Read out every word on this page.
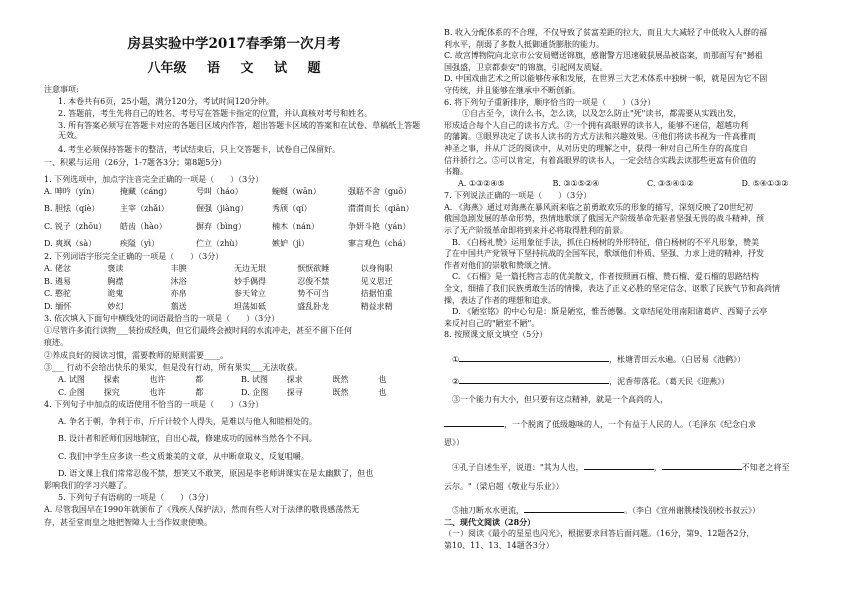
房县实验中学2017春季第一次月考
八年级 语 文 试 题
注意事项:
1. 本卷共有6页，25小题，满分120分，考试时间120分钟。
2. 答题前，考生先将自己的姓名、考号写在答题卡指定的位置，并认真核对考号和姓名。
3. 所有答案必须写在答题卡对应的各题目区域内作答，超出答题卡区域的答案和在试卷、草稿纸上答题无效。
4. 考生必须保持答题卡的整洁，考试结束后，只上交答题卡，试卷自己保留好。
一、积累与运用（26分，1-7题各3分；第8题5分）
1. 下列选项中，加点字注音完全正确的一项是（　　）（3分）
A. 呻吟（yín）	掩藏（cáng）	号叫（háo）	蜿蜒（wān）	强聒不舍（guō）
B. 胆怯（qiè）	主宰（zhǎi）	倔强（jiàng）	秀颀（qí）	潸潸而长（qiān）
C. 锐子（zhōu）	皓齿（hào）	摒弃（bìng）	楠木（nán）	争妍斗艳（yán）
D. 爽飒（sà）	疾隘（yì）	伫立（zhù）	嫉妒（jì）	寥言观色（chá）
2. 下列词语字形完全正确的一项是（　　）（3分）
A. 佬忿	褒读	丰腴	无边无垠	恹恹欲睡	以身徇职
B. 遴易	胸襟	沐浴	妙手偶得	忍俊不禁	见义思迁
C. 憨驼	诡鬼	亦帛	参天耸立	势不可当	拮据怕重
D. 缅怀	妙幻	翦送	坦荡如砥	盛乱卧龙	精益求精
3. 依次填入下面句中横线处的词语最恰当的一项是（　　）（3分）
①尽管许多流行读物___装扮成经典，但它们最终会被时间的水流冲走，甚至不留下任何
痕迹。
②养成良好的阅读习惯，需要教师的原则需要____。
③___ 行动不会给出快乐的果实，但是没有行动，所有果实___无法收获。
A. 试图	探索	也许	都	B. 试图	探求	既然	也
C. 企图	探究	也许	都	D. 企图	探寻	既然	也
4. 下列句子中加点的成语使用不恰当的一项是（　　）（3分）
A. 争名于朝，争利于市，斤斤计较个人得失，是难以与他人和睦相处的。
B. 设计者和匠师们因地制宜，自出心裁，修建成功的园林当然各个不同。
C. 我们中学生应多读一些文质兼美的文章，从中断章取义，反复咀嚼。
D. 语文课上我们常常忍俊不禁，想笑又不敢笑，原因是李老师讲课实在是太幽默了，但也
影响我们的学习兴趣了。
5. 下列句子有语病的一项是（　　）（3分）
A. 尽管我国早在1990年就颁布了《残疾人保护法》，然而有些人对于法律的敬畏感荡然无
存，甚至堂而皇之地把智障人士当作奴隶使唤。
B. 收入分配体系的不合理，不仅导致了贫富差距的拉大，而且大大减轻了中低收入人群的福
利水平，削弱了多数人抵御通货膨胀的能力。
C. 故宫博物院向北京市公安局赠送锦旗，感谢警方迅速破获展品被盗案，而那面写有"撼祖
国强盛，卫京都泰安"的锦旗，引起网友质疑。
D. 中国戏曲艺术之所以能够传承和发展，在世界三大艺术体系中独树一帜，就是因为它不固
守传统，并且能够在继承中不断创新。
6. 将下列句子重新排序，顺序恰当的一项是（　　）（3分）
①自古至今，读什么书，怎么读，以及怎么防止"死"读书，都需要从实践出发，
形成适合每个人自己的读书方式。②一个拥有高眼界的读书人，能够不迷信，超越功利
的藩篱。③眼界决定了读书人读书的方式方法和兴趣效果。④他们将读书视为一件高雅而
神圣之事，并从广泛的阅读中，从对历史的理解之中，获得一种对自己所生存的高度自
信并骄行之。⑤可以肯定，有着高眼界的读书人，一定会结合实践去读那些更富有价值的
书籍。
A. ①③②④⑤	B. ③①⑤②④	C. ③⑤④①②	D. ⑤④①③②
7. 下列说法正确的一项是（　　）（3分）
A. 《海燕》通过对海燕在暴风雨来临之前勇敢欢乐的形象的描写，深刻反映了20世纪初
俄国急剧发展的革命形势，热情地歌颂了俄国无产阶级革命先驱者坚强无畏的战斗精神，预
示了无产阶级革命即将到来并必将取得胜利的前景。
B. 《白杨礼赞》运用象征手法，抓住白杨树的外形特征，借白杨树的不平凡形象，赞美
了在中国共产党领导下坚持抗战的全国军民，歌颂他们朴质、坚强、力求上进的精神，抒发
作者对他们的崇敬和赞颂之情。
C. 《石榴》是一篇托物言志的优美散文，作者按照画石榴、赞石榴、爱石榴的思路结构
全文，细描了我们民族勇敢生活的情操，表达了正义必胜的坚定信念，讴歌了民族气节和高尚情
操，表达了作者的理想和追求。
D. 《陋室铭》的中心句是：斯是陋室，惟吾德馨。文章结尾处用南阳诸葛庐、西蜀子云亭
来反衬自己的"陋室不陋"。
8. 按照课文原文填空（5分）
①	，枨塘青田云水遍。（白居易《池鹤》）
②	，泥香带落花。（葛天民《迎燕》）
③一个能力有大小，但只要有这点精神，就是一个高尚的人，
，一个脱离了低级趣味的人，一个有益于人民的人。（毛泽东《纪念白求
恩》）
④孔子自述生平，说道："其为人也，	，	不知老之将至
云尔。"（梁启超《敬业与乐业》）
⑤抽刀断水水更流，	。（李白《宣州谢朓楼饯别校书叔云》）
二、现代文阅读（28分）
（一）阅读《最小的星星也闪光》，根据要求回答后面问题。（16分，第9、12题各2分，
第10、11、13、14题各3分）
